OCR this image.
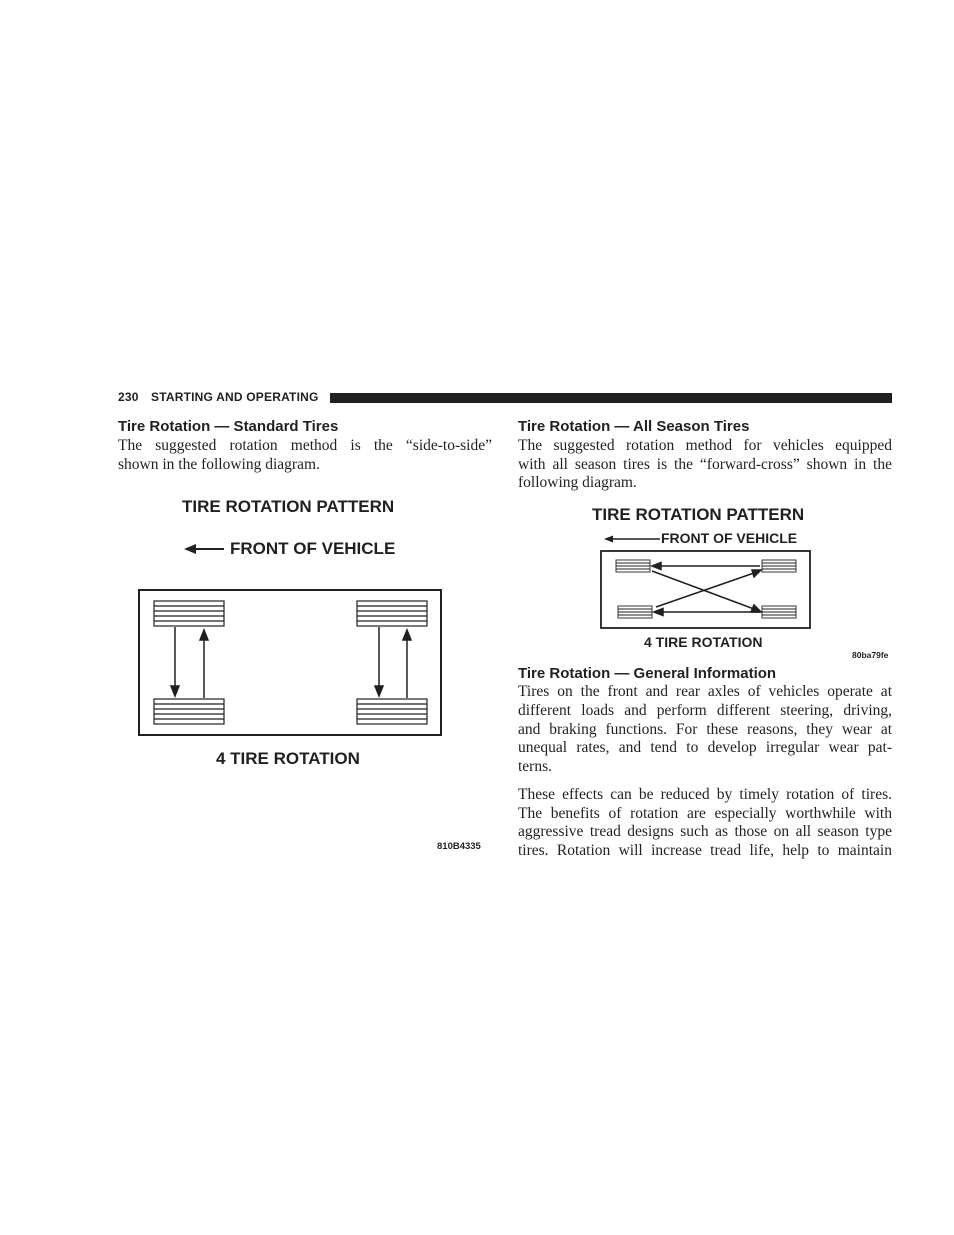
230 STARTING AND OPERATING
Tire Rotation — Standard Tires
The suggested rotation method is the “side-to-side”
shown in the following diagram.
TIRE ROTATION PATTERN
FRONT OF VEHICLE
4 TIRE ROTATION
810B4335
Tire Rotation — All Season Tires
The suggested rotation method for vehicles equipped
with all season tires is the “forward-cross” shown in the
following diagram.
TIRE ROTATION PATTERN
FRONT OF VEHICLE
4 TIRE ROTATION
80ba79fe
Tire Rotation — General Information
Tires on the front and rear axles of vehicles operate at
different loads and perform different steering, driving,
and braking functions. For these reasons, they wear at
unequal rates, and tend to develop irregular wear pat-
terns.
These effects can be reduced by timely rotation of tires.
The benefits of rotation are especially worthwhile with
aggressive tread designs such as those on all season type
tires. Rotation will increase tread life, help to maintain
